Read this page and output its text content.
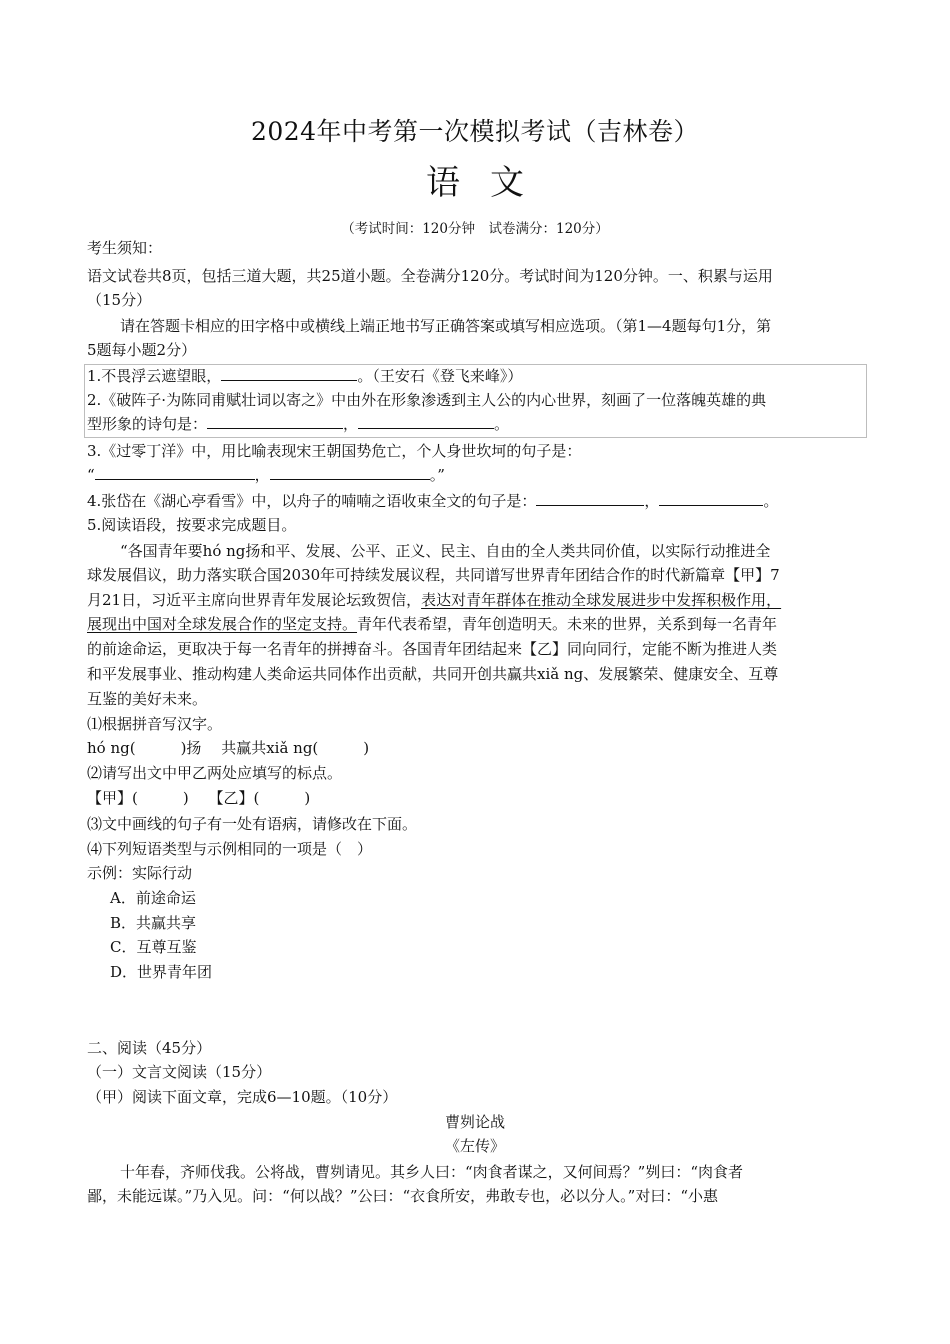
2024年中考第一次模拟考试（吉林卷）
语文
（考试时间：120分钟　试卷满分：120分）
考生须知：
语文试卷共8页，包括三道大题，共25道小题。全卷满分120分。考试时间为120分钟。一、积累与运用
（15分）
请在答题卡相应的田字格中或横线上端正地书写正确答案或填写相应选项。（第1—4题每句1分，第
5题每小题2分）
1.不畏浮云遮望眼，	。（王安石《登飞来峰》）
2.《破阵子·为陈同甫赋壮词以寄之》中由外在形象渗透到主人公的内心世界，刻画了一位落魄英雄的典
型形象的诗句是：	，	。
3.《过零丁洋》中，用比喻表现宋王朝国势危亡，个人身世坎坷的句子是：
“	，	。”
4.张岱在《湖心亭看雪》中，以舟子的喃喃之语收束全文的句子是：	，	。
5.阅读语段，按要求完成题目。
“各国青年要hó ng扬和平、发展、公平、正义、民主、自由的全人类共同价值，以实际行动推进全
球发展倡议，助力落实联合国2030年可持续发展议程，共同谱写世界青年团结合作的时代新篇章【甲】7
月21日，习近平主席向世界青年发展论坛致贺信，表达对青年群体在推动全球发展进步中发挥积极作用，
展现出中国对全球发展合作的坚定支持。青年代表希望，青年创造明天。未来的世界，关系到每一名青年
的前途命运，更取决于每一名青年的拼搏奋斗。各国青年团结起来【乙】同向同行，定能不断为推进人类
和平发展事业、推动构建人类命运共同体作出贡献，共同开创共赢共xiǎ ng、发展繁荣、健康安全、互尊
互鉴的美好未来。
⑴根据拼音写汉字。
hó ng(　　　)扬　 共赢共xiǎ ng(　　　)
⑵请写出文中甲乙两处应填写的标点。
【甲】(　　　)　 【乙】(　　　)
⑶文中画线的句子有一处有语病，请修改在下面。
⑷下列短语类型与示例相同的一项是（　）
示例：实际行动
A．前途命运
B．共赢共享
C．互尊互鉴
D．世界青年团
二、阅读（45分）
（一）文言文阅读（15分）
（甲）阅读下面文章，完成6—10题。（10分）
曹刿论战
《左传》
十年春，齐师伐我。公将战，曹刿请见。其乡人曰：“肉食者谋之，又何间焉？”刿曰：“肉食者
鄙，未能远谋。”乃入见。问：“何以战？”公曰：“衣食所安，弗敢专也，必以分人。”对曰：“小惠
